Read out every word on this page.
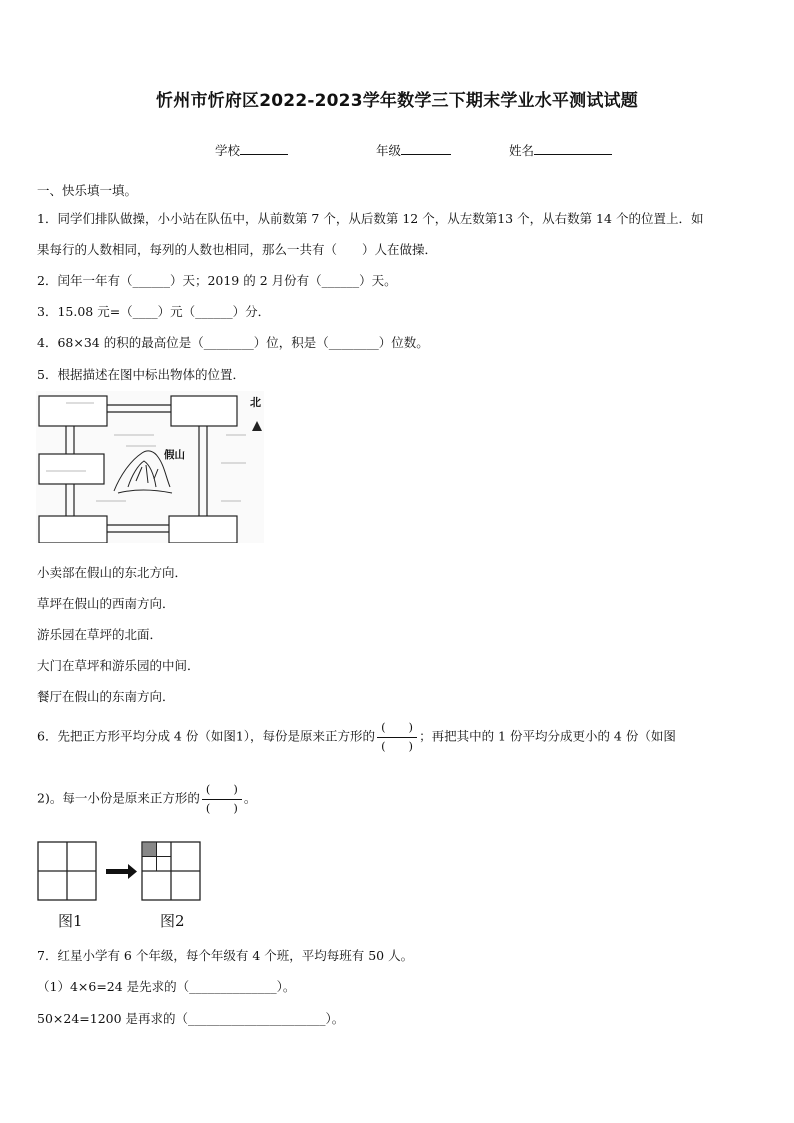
忻州市忻府区2022-2023学年数学三下期末学业水平测试试题
学校	年级	姓名
一、快乐填一填。
1．同学们排队做操，小小站在队伍中，从前数第 7 个，从后数第 12 个，从左数第13 个，从右数第 14 个的位置上．如
果每行的人数相同，每列的人数也相同，那么一共有（　　）人在做操．
2．闰年一年有（______）天；2019 的 2 月份有（______）天。
3．15.08 元=（____）元（______）分．
4．68×34 的积的最高位是（________）位，积是（________）位数。
5．根据描述在图中标出物体的位置．
北
假山
小卖部在假山的东北方向．
草坪在假山的西南方向．
游乐园在草坪的北面．
大门在草坪和游乐园的中间．
餐厅在假山的东南方向．
6．先把正方形平均分成 4 份（如图1），每份是原来正方形的 $\frac{( )}{( )}$ ；再把其中的 1 份平均分成更小的 4 份（如图
2)。每一小份是原来正方形的 $\frac{( )}{( )}$ 。
图1	图2
7．红星小学有 6 个年级，每个年级有 4 个班，平均每班有 50 人。
（1）4×6=24 是先求的（______________）。
50×24=1200 是再求的（______________________）。
